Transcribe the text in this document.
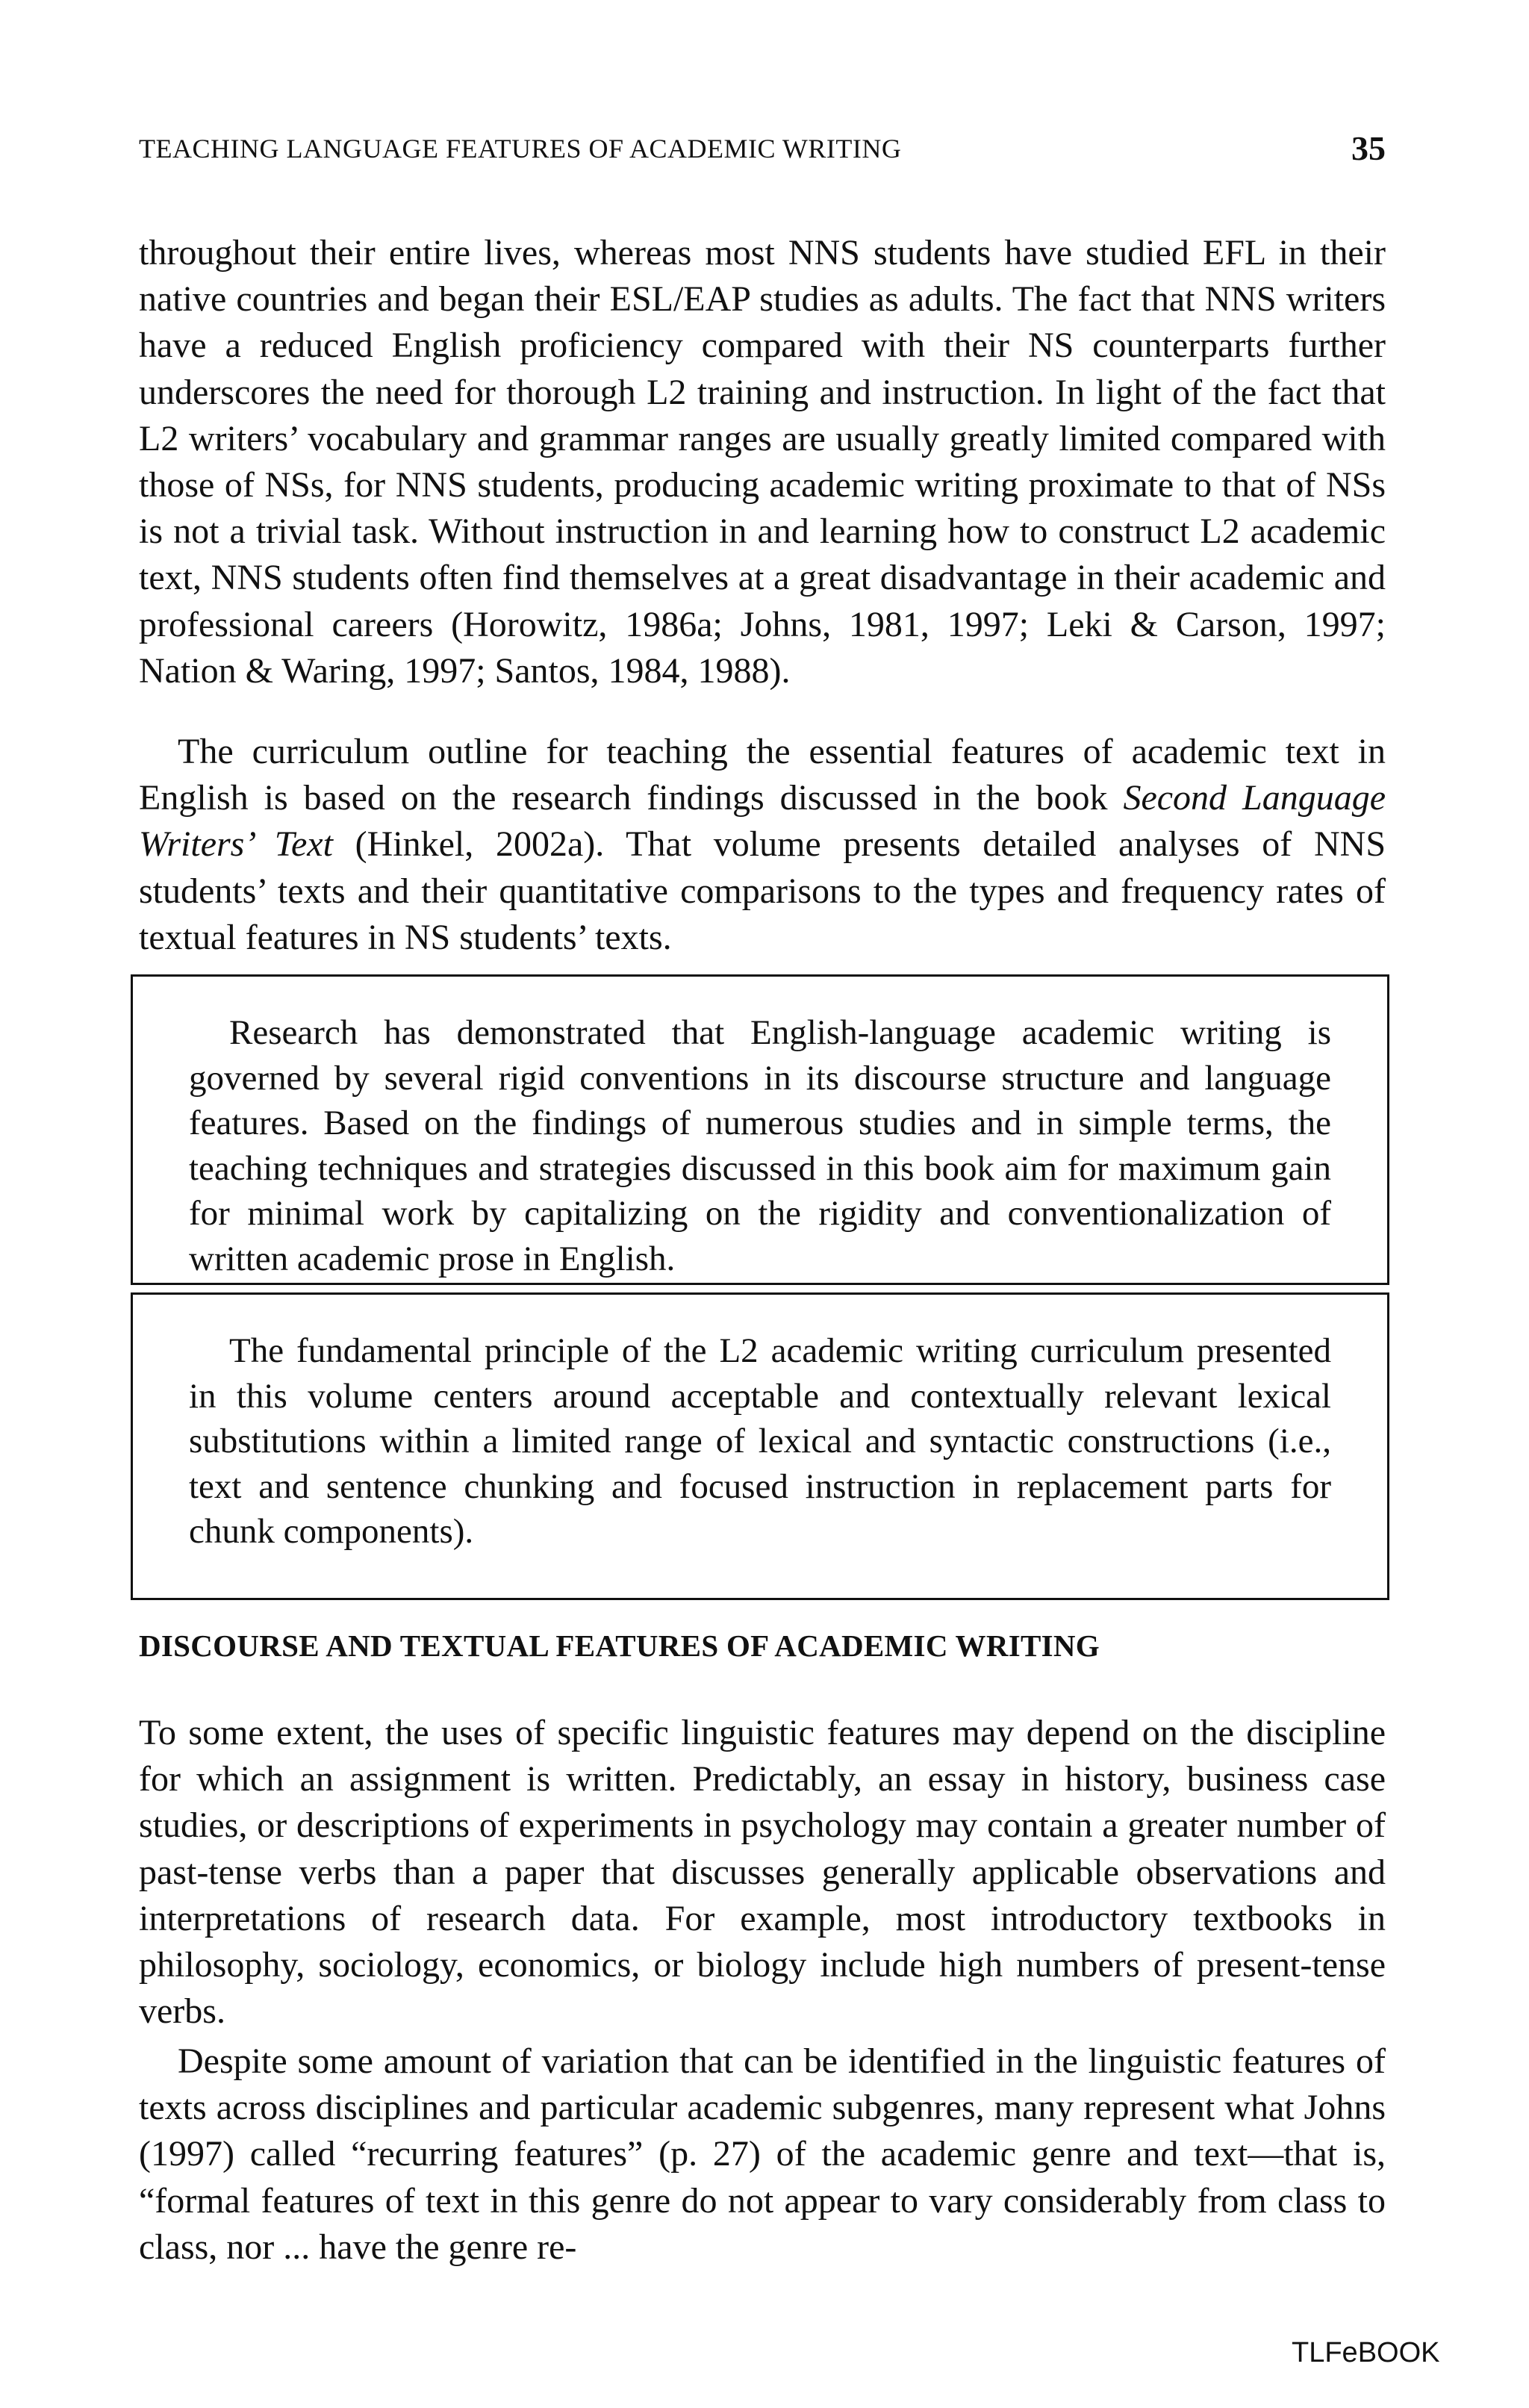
TEACHING LANGUAGE FEATURES OF ACADEMIC WRITING	35

throughout their entire lives, whereas most NNS students have studied EFL in their native countries and began their ESL/EAP studies as adults. The fact that NNS writers have a reduced English proficiency compared with their NS counterparts further underscores the need for thorough L2 training and instruction. In light of the fact that L2 writers’ vocabulary and grammar ranges are usually greatly limited compared with those of NSs, for NNS students, producing academic writing proximate to that of NSs is not a trivial task. Without instruction in and learning how to construct L2 academic text, NNS students often find themselves at a great disadvantage in their academic and professional careers (Horowitz, 1986a; Johns, 1981, 1997; Leki & Carson, 1997; Nation & Waring, 1997; Santos, 1984, 1988).

The curriculum outline for teaching the essential features of academic text in English is based on the research findings discussed in the book Second Language Writers’ Text (Hinkel, 2002a). That volume presents detailed analyses of NNS students’ texts and their quantitative comparisons to the types and frequency rates of textual features in NS students’ texts.

Research has demonstrated that English-language academic writing is governed by several rigid conventions in its discourse structure and language features. Based on the findings of numerous studies and in simple terms, the teaching techniques and strategies discussed in this book aim for maximum gain for minimal work by capitalizing on the rigidity and conventionalization of written academic prose in English.

The fundamental principle of the L2 academic writing curriculum presented in this volume centers around acceptable and contextually relevant lexical substitutions within a limited range of lexical and syntactic constructions (i.e., text and sentence chunking and focused instruction in replacement parts for chunk components).

DISCOURSE AND TEXTUAL FEATURES OF ACADEMIC WRITING

To some extent, the uses of specific linguistic features may depend on the discipline for which an assignment is written. Predictably, an essay in history, business case studies, or descriptions of experiments in psychology may contain a greater number of past-tense verbs than a paper that discusses generally applicable observations and interpretations of research data. For example, most introductory textbooks in philosophy, sociology, economics, or biology include high numbers of present-tense verbs.

Despite some amount of variation that can be identified in the linguistic features of texts across disciplines and particular academic subgenres, many represent what Johns (1997) called “recurring features” (p. 27) of the academic genre and text—that is, “formal features of text in this genre do not appear to vary considerably from class to class, nor ... have the genre re-

TLFeBOOK
